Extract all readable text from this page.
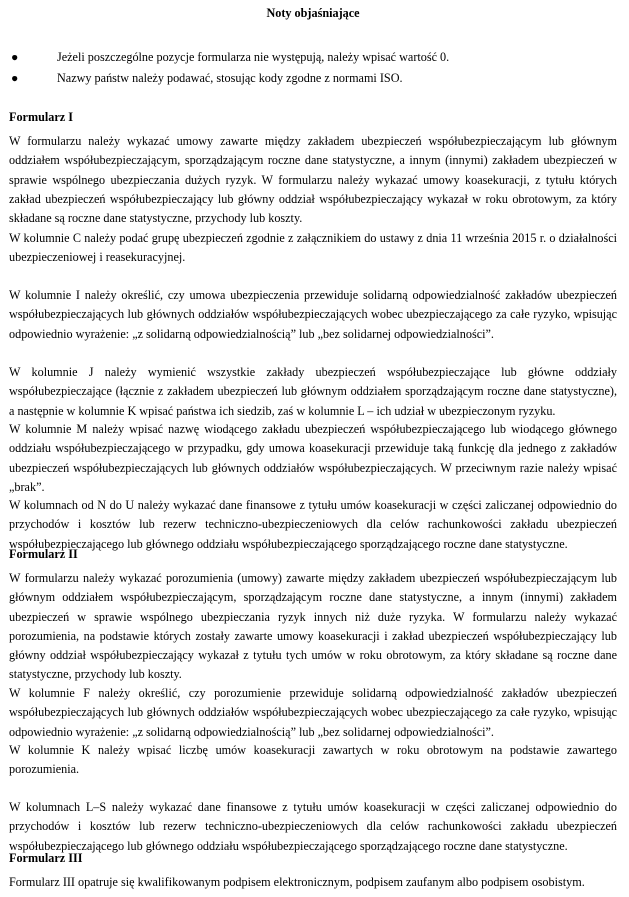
Noty objaśniające
●	Jeżeli poszczególne pozycje formularza nie występują, należy wpisać wartość 0.
●	Nazwy państw należy podawać, stosując kody zgodne z normami ISO.
Formularz I

W formularzu należy wykazać umowy zawarte między zakładem ubezpieczeń współubezpieczającym lub głównym oddziałem współubezpieczającym, sporządzającym roczne dane statystyczne, a innym (innymi) zakładem ubezpieczeń w sprawie wspólnego ubezpieczania dużych ryzyk. W formularzu należy wykazać umowy koasekuracji, z tytułu których zakład ubezpieczeń współubezpieczający lub główny oddział współubezpieczający wykazał w roku obrotowym, za który składane są roczne dane statystyczne, przychody lub koszty.

W kolumnie C należy podać grupę ubezpieczeń zgodnie z załącznikiem do ustawy z dnia 11 września 2015 r. o działalności ubezpieczeniowej i reasekuracyjnej.

W kolumnie I należy określić, czy umowa ubezpieczenia przewiduje solidarną odpowiedzialność zakładów ubezpieczeń współubezpieczających lub głównych oddziałów współubezpieczających wobec ubezpieczającego za całe ryzyko, wpisując odpowiednio wyrażenie: „z solidarną odpowiedzialnością” lub „bez solidarnej odpowiedzialności”.

W kolumnie J należy wymienić wszystkie zakłady ubezpieczeń współubezpieczające lub główne oddziały współubezpieczające (łącznie z zakładem ubezpieczeń lub głównym oddziałem sporządzającym roczne dane statystyczne), a następnie w kolumnie K wpisać państwa ich siedzib, zaś w kolumnie L – ich udział w ubezpieczonym ryzyku.

W kolumnie M należy wpisać nazwę wiodącego zakładu ubezpieczeń współubezpieczającego lub wiodącego głównego oddziału współubezpieczającego w przypadku, gdy umowa koasekuracji przewiduje taką funkcję dla jednego z zakładów ubezpieczeń współubezpieczających lub głównych oddziałów współubezpieczających. W przeciwnym razie należy wpisać „brak”.

W kolumnach od N do U należy wykazać dane finansowe z tytułu umów koasekuracji w części zaliczanej odpowiednio do przychodów i kosztów lub rezerw techniczno-ubezpieczeniowych dla celów rachunkowości zakładu ubezpieczeń współubezpieczającego lub głównego oddziału współubezpieczającego sporządzającego roczne dane statystyczne.

Formularz II

W formularzu należy wykazać porozumienia (umowy) zawarte między zakładem ubezpieczeń współubezpieczającym lub głównym oddziałem współubezpieczającym, sporządzającym roczne dane statystyczne, a innym (innymi) zakładem ubezpieczeń w sprawie wspólnego ubezpieczania ryzyk innych niż duże ryzyka. W formularzu należy wykazać porozumienia, na podstawie których zostały zawarte umowy koasekuracji i zakład ubezpieczeń współubezpieczający lub główny oddział współubezpieczający wykazał z tytułu tych umów w roku obrotowym, za który składane są roczne dane statystyczne, przychody lub koszty.

W kolumnie F należy określić, czy porozumienie przewiduje solidarną odpowiedzialność zakładów ubezpieczeń współubezpieczających lub głównych oddziałów współubezpieczających wobec ubezpieczającego za całe ryzyko, wpisując odpowiednio wyrażenie: „z solidarną odpowiedzialnością” lub „bez solidarnej odpowiedzialności”.

W kolumnie K należy wpisać liczbę umów koasekuracji zawartych w roku obrotowym na podstawie zawartego porozumienia.

W kolumnach L–S należy wykazać dane finansowe z tytułu umów koasekuracji w części zaliczanej odpowiednio do przychodów i kosztów lub rezerw techniczno-ubezpieczeniowych dla celów rachunkowości zakładu ubezpieczeń współubezpieczającego lub głównego oddziału współubezpieczającego sporządzającego roczne dane statystyczne.

Formularz III

Formularz III opatruje się kwalifikowanym podpisem elektronicznym, podpisem zaufanym albo podpisem osobistym.
